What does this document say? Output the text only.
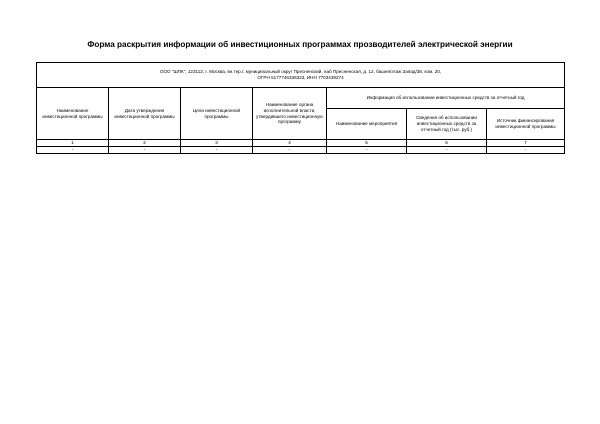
Форма раскрытия информации об инвестиционных программах прозводителей электрической энергии
ООО "ШПК", 123112, г. Москва, вн.тер.г. муниципальный округ Пресненский, наб Пресненская, д. 12, башня/этаж Запад/38, ком. 20,
ОГРН 5177746336323, ИНН 7703439274						

Наименование инвестиционной программы	Дата утверждения инвестиционной программы	Цели инвестиционной программы	Наименование органа исполнительной власти, утвердившего инвестиционную программу	Информация об использовании инвестиционных средств за отчетный год		
				Наименование мероприятия	Сведения об использовании инвестиционных средств за отчетный год (тыс. руб.)	Источник финансирования инвестиционной программы
1	2	3	4	5	6	7
-	-	-	-	-	-	-
